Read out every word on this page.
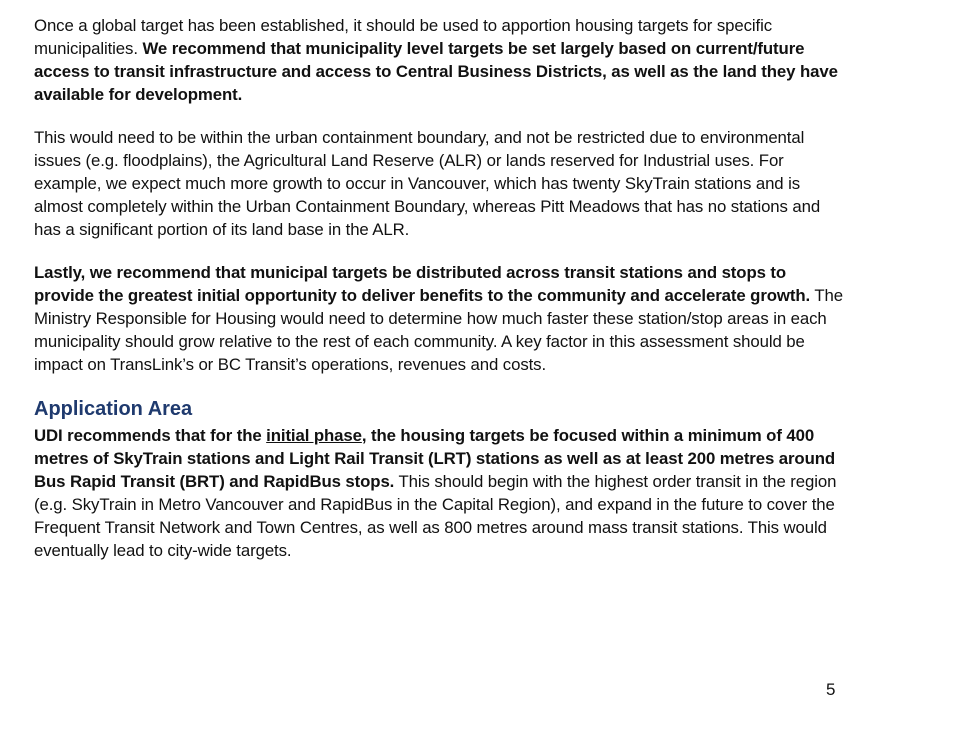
Once a global target has been established, it should be used to apportion housing targets for specific municipalities. We recommend that municipality level targets be set largely based on current/future access to transit infrastructure and access to Central Business Districts, as well as the land they have available for development.

This would need to be within the urban containment boundary, and not be restricted due to environmental issues (e.g. floodplains), the Agricultural Land Reserve (ALR) or lands reserved for Industrial uses. For example, we expect much more growth to occur in Vancouver, which has twenty SkyTrain stations and is almost completely within the Urban Containment Boundary, whereas Pitt Meadows that has no stations and has a significant portion of its land base in the ALR.

Lastly, we recommend that municipal targets be distributed across transit stations and stops to provide the greatest initial opportunity to deliver benefits to the community and accelerate growth. The Ministry Responsible for Housing would need to determine how much faster these station/stop areas in each municipality should grow relative to the rest of each community. A key factor in this assessment should be impact on TransLink’s or BC Transit’s operations, revenues and costs.

Application Area

UDI recommends that for the initial phase, the housing targets be focused within a minimum of 400 metres of SkyTrain stations and Light Rail Transit (LRT) stations as well as at least 200 metres around Bus Rapid Transit (BRT) and RapidBus stops. This should begin with the highest order transit in the region (e.g. SkyTrain in Metro Vancouver and RapidBus in the Capital Region), and expand in the future to cover the Frequent Transit Network and Town Centres, as well as 800 metres around mass transit stations. This would eventually lead to city-wide targets.

5
